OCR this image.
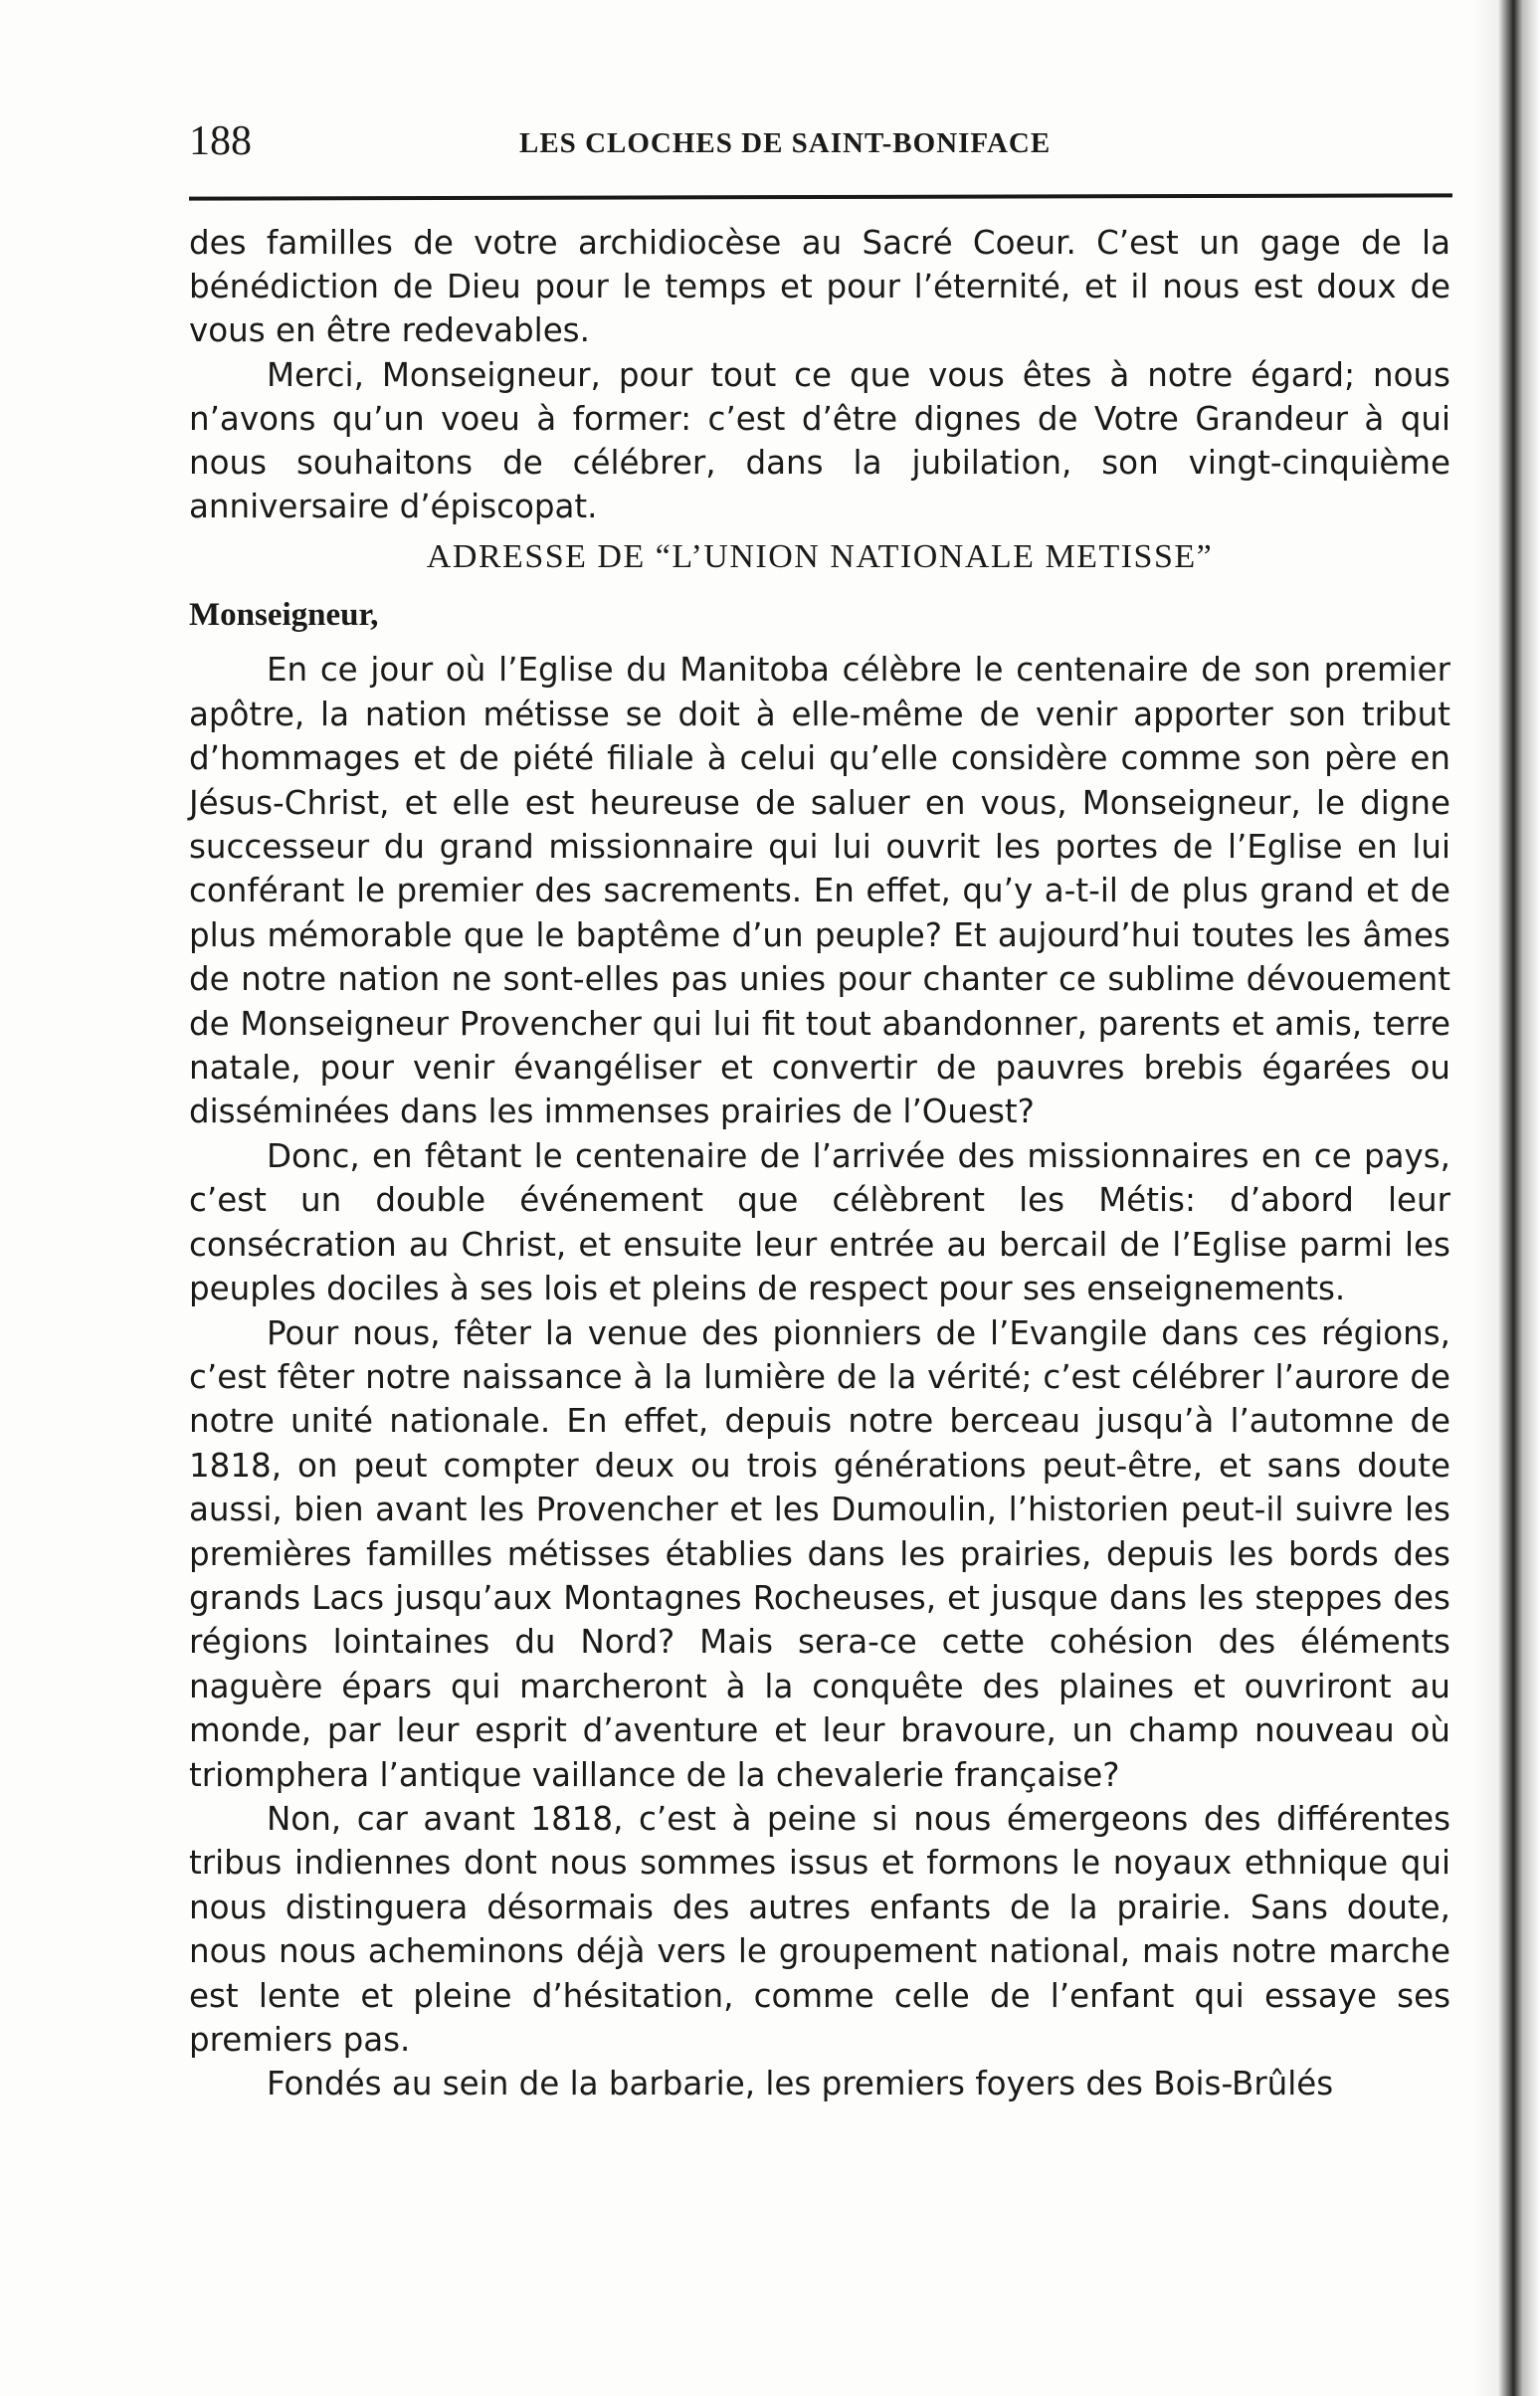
188	LES CLOCHES DE SAINT-BONIFACE

des familles de votre archidiocèse au Sacré Coeur. C’est un gage de la bénédiction de Dieu pour le temps et pour l’éternité, et il nous est doux de vous en être redevables.

Merci, Monseigneur, pour tout ce que vous êtes à notre égard; nous n’avons qu’un voeu à former: c’est d’être dignes de Votre Grandeur à qui nous souhaitons de célébrer, dans la jubilation, son vingt-cinquième anniversaire d’épiscopat.

ADRESSE DE “L’UNION NATIONALE METISSE”
Monseigneur,

En ce jour où l’Eglise du Manitoba célèbre le centenaire de son premier apôtre, la nation métisse se doit à elle-même de venir apporter son tribut d’hommages et de piété filiale à celui qu’elle considère comme son père en Jésus-Christ, et elle est heureuse de saluer en vous, Monseigneur, le digne successeur du grand missionnaire qui lui ouvrit les portes de l’Eglise en lui conférant le premier des sacrements. En effet, qu’y a-t-il de plus grand et de plus mémorable que le baptême d’un peuple? Et aujourd’hui toutes les âmes de notre nation ne sont-elles pas unies pour chanter ce sublime dévouement de Monseigneur Provencher qui lui fit tout abandonner, parents et amis, terre natale, pour venir évangéliser et convertir de pauvres brebis égarées ou disséminées dans les immenses prairies de l’Ouest?

Donc, en fêtant le centenaire de l’arrivée des missionnaires en ce pays, c’est un double événement que célèbrent les Métis: d’abord leur consécration au Christ, et ensuite leur entrée au bercail de l’Eglise parmi les peuples dociles à ses lois et pleins de respect pour ses enseignements.

Pour nous, fêter la venue des pionniers de l’Evangile dans ces régions, c’est fêter notre naissance à la lumière de la vérité; c’est célébrer l’aurore de notre unité nationale. En effet, depuis notre berceau jusqu’à l’automne de 1818, on peut compter deux ou trois générations peut-être, et sans doute aussi, bien avant les Provencher et les Dumoulin, l’historien peut-il suivre les premières familles métisses établies dans les prairies, depuis les bords des grands Lacs jusqu’aux Montagnes Rocheuses, et jusque dans les steppes des régions lointaines du Nord? Mais sera-ce cette cohésion des éléments naguère épars qui marcheront à la conquête des plaines et ouvriront au monde, par leur esprit d’aventure et leur bravoure, un champ nouveau où triomphera l’antique vaillance de la chevalerie française?

Non, car avant 1818, c’est à peine si nous émergeons des différentes tribus indiennes dont nous sommes issus et formons le noyaux ethnique qui nous distinguera désormais des autres enfants de la prairie. Sans doute, nous nous acheminons déjà vers le groupement national, mais notre marche est lente et pleine d’hésitation, comme celle de l’enfant qui essaye ses premiers pas.

Fondés au sein de la barbarie, les premiers foyers des Bois-Brûlés
